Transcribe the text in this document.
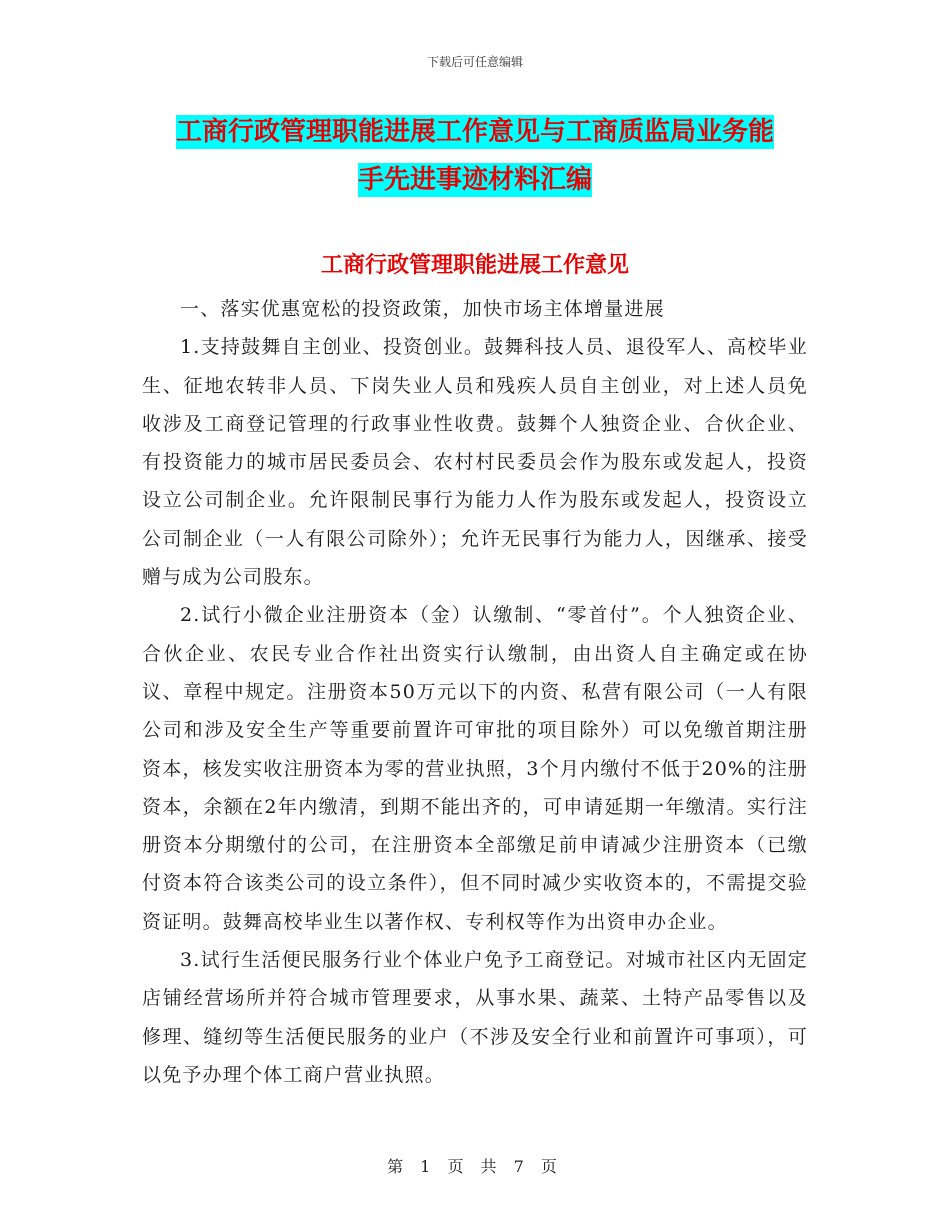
下载后可任意编辑
工商行政管理职能进展工作意见与工商质监局业务能
手先进事迹材料汇编
工商行政管理职能进展工作意见

一、落实优惠宽松的投资政策，加快市场主体增量进展

1.支持鼓舞自主创业、投资创业。鼓舞科技人员、退役军人、高校毕业生、征地农转非人员、下岗失业人员和残疾人员自主创业，对上述人员免收涉及工商登记管理的行政事业性收费。鼓舞个人独资企业、合伙企业、有投资能力的城市居民委员会、农村村民委员会作为股东或发起人，投资设立公司制企业。允许限制民事行为能力人作为股东或发起人，投资设立公司制企业（一人有限公司除外）；允许无民事行为能力人，因继承、接受赠与成为公司股东。

2.试行小微企业注册资本（金）认缴制、“零首付”。个人独资企业、合伙企业、农民专业合作社出资实行认缴制，由出资人自主确定或在协议、章程中规定。注册资本50万元以下的内资、私营有限公司（一人有限公司和涉及安全生产等重要前置许可审批的项目除外）可以免缴首期注册资本，核发实收注册资本为零的营业执照，3个月内缴付不低于20%的注册资本，余额在2年内缴清，到期不能出齐的，可申请延期一年缴清。实行注册资本分期缴付的公司，在注册资本全部缴足前申请减少注册资本（已缴付资本符合该类公司的设立条件），但不同时减少实收资本的，不需提交验资证明。鼓舞高校毕业生以著作权、专利权等作为出资申办企业。

3.试行生活便民服务行业个体业户免予工商登记。对城市社区内无固定店铺经营场所并符合城市管理要求，从事水果、蔬菜、土特产品零售以及修理、缝纫等生活便民服务的业户（不涉及安全行业和前置许可事项），可以免予办理个体工商户营业执照。

第 1 页 共 7 页
